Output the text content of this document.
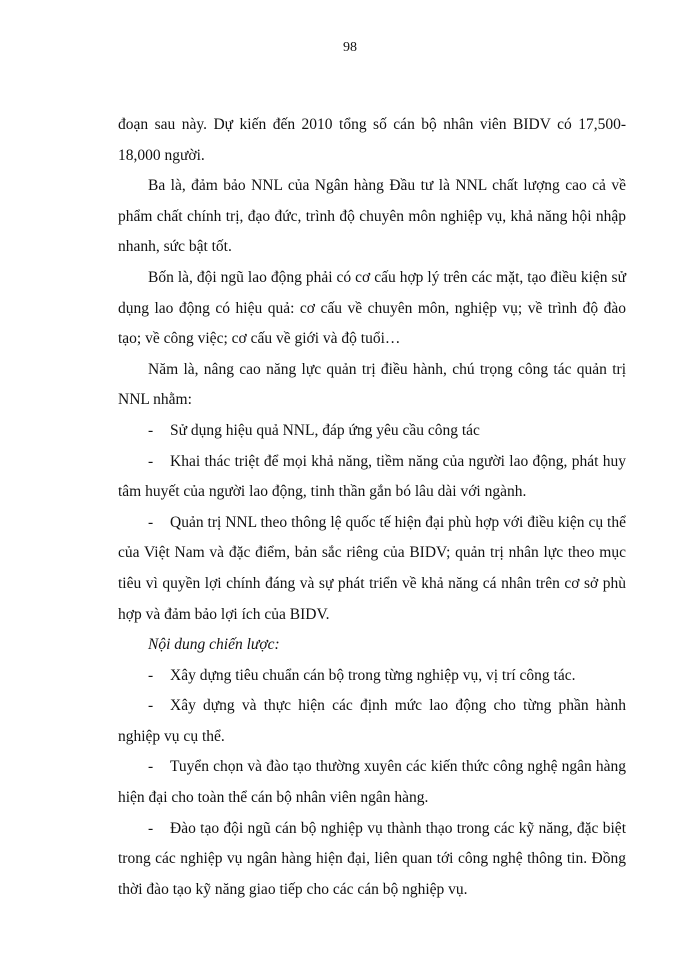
98

đoạn sau này. Dự kiến đến 2010 tổng số cán bộ nhân viên BIDV có 17,500-18,000 người.

Ba là, đảm bảo NNL của Ngân hàng Đầu tư là NNL chất lượng cao cả về phẩm chất chính trị, đạo đức, trình độ chuyên môn nghiệp vụ, khả năng hội nhập nhanh, sức bật tốt.

Bốn là, đội ngũ lao động phải có cơ cấu hợp lý trên các mặt, tạo điều kiện sử dụng lao động có hiệu quả: cơ cấu về chuyên môn, nghiệp vụ; về trình độ đào tạo; về công việc; cơ cấu về giới và độ tuổi…

Năm là, nâng cao năng lực quản trị điều hành, chú trọng công tác quản trị NNL nhằm:

- Sử dụng hiệu quả NNL, đáp ứng yêu cầu công tác

- Khai thác triệt để mọi khả năng, tiềm năng của người lao động, phát huy tâm huyết của người lao động, tinh thần gắn bó lâu dài với ngành.

- Quản trị NNL theo thông lệ quốc tế hiện đại phù hợp với điều kiện cụ thể của Việt Nam và đặc điểm, bản sắc riêng của BIDV; quản trị nhân lực theo mục tiêu vì quyền lợi chính đáng và sự phát triển về khả năng cá nhân trên cơ sở phù hợp và đảm bảo lợi ích của BIDV.

Nội dung chiến lược:

- Xây dựng tiêu chuẩn cán bộ trong từng nghiệp vụ, vị trí công tác.

- Xây dựng và thực hiện các định mức lao động cho từng phần hành nghiệp vụ cụ thể.

- Tuyển chọn và đào tạo thường xuyên các kiến thức công nghệ ngân hàng hiện đại cho toàn thể cán bộ nhân viên ngân hàng.

- Đào tạo đội ngũ cán bộ nghiệp vụ thành thạo trong các kỹ năng, đặc biệt trong các nghiệp vụ ngân hàng hiện đại, liên quan tới công nghệ thông tin. Đồng thời đào tạo kỹ năng giao tiếp cho các cán bộ nghiệp vụ.
